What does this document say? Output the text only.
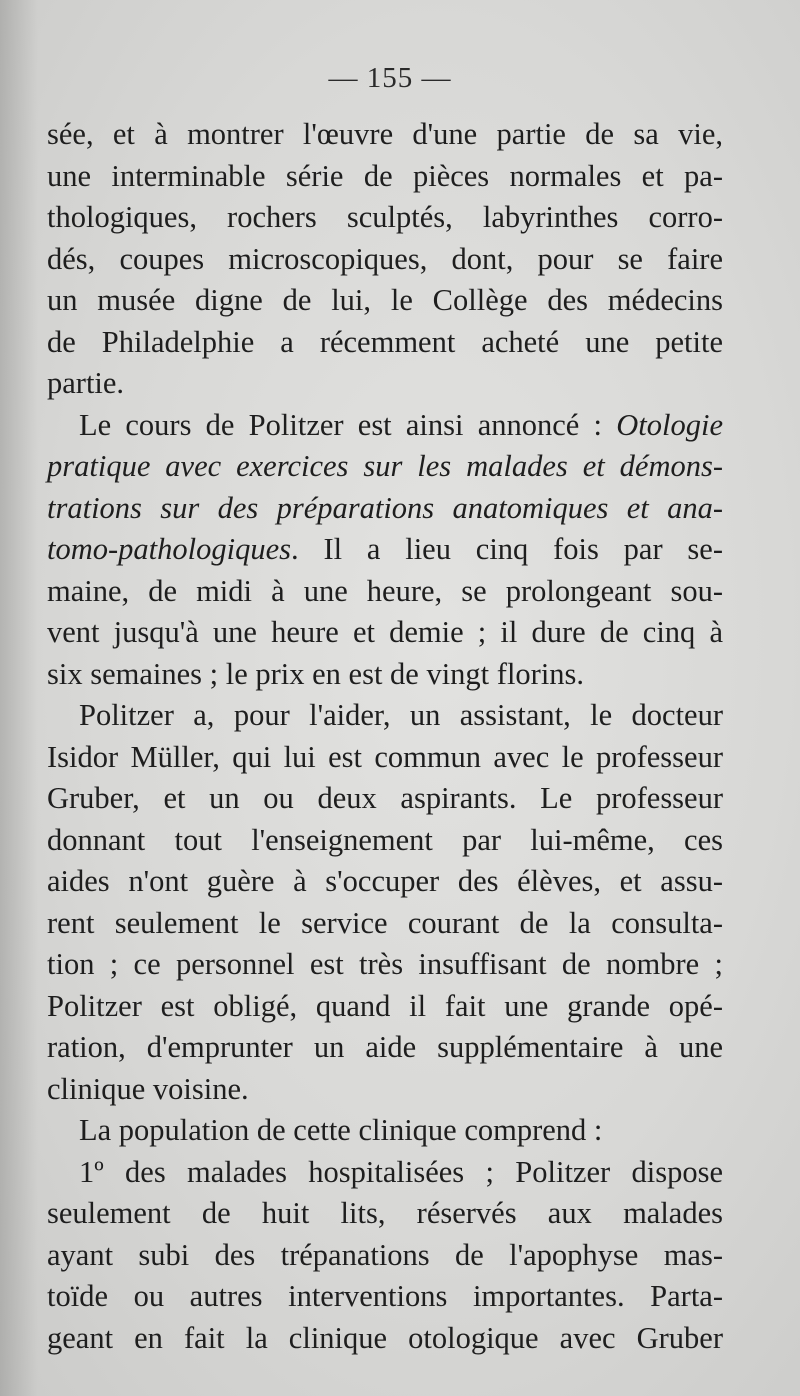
— 155 —
sée, et à montrer l'œuvre d'une partie de sa vie,
une interminable série de pièces normales et pa-
thologiques, rochers sculptés, labyrinthes corro-
dés, coupes microscopiques, dont, pour se faire
un musée digne de lui, le Collège des médecins
de Philadelphie a récemment acheté une petite
partie.
Le cours de Politzer est ainsi annoncé : Otologie
pratique avec exercices sur les malades et démons-
trations sur des préparations anatomiques et ana-
tomo-pathologiques. Il a lieu cinq fois par se-
maine, de midi à une heure, se prolongeant sou-
vent jusqu'à une heure et demie ; il dure de cinq à
six semaines ; le prix en est de vingt florins.
Politzer a, pour l'aider, un assistant, le docteur
Isidor Müller, qui lui est commun avec le professeur
Gruber, et un ou deux aspirants. Le professeur
donnant tout l'enseignement par lui-même, ces
aides n'ont guère à s'occuper des élèves, et assu-
rent seulement le service courant de la consulta-
tion ; ce personnel est très insuffisant de nombre ;
Politzer est obligé, quand il fait une grande opé-
ration, d'emprunter un aide supplémentaire à une
clinique voisine.
La population de cette clinique comprend :
1º des malades hospitalisées ; Politzer dispose
seulement de huit lits, réservés aux malades
ayant subi des trépanations de l'apophyse mas-
toïde ou autres interventions importantes. Parta-
geant en fait la clinique otologique avec Gruber
